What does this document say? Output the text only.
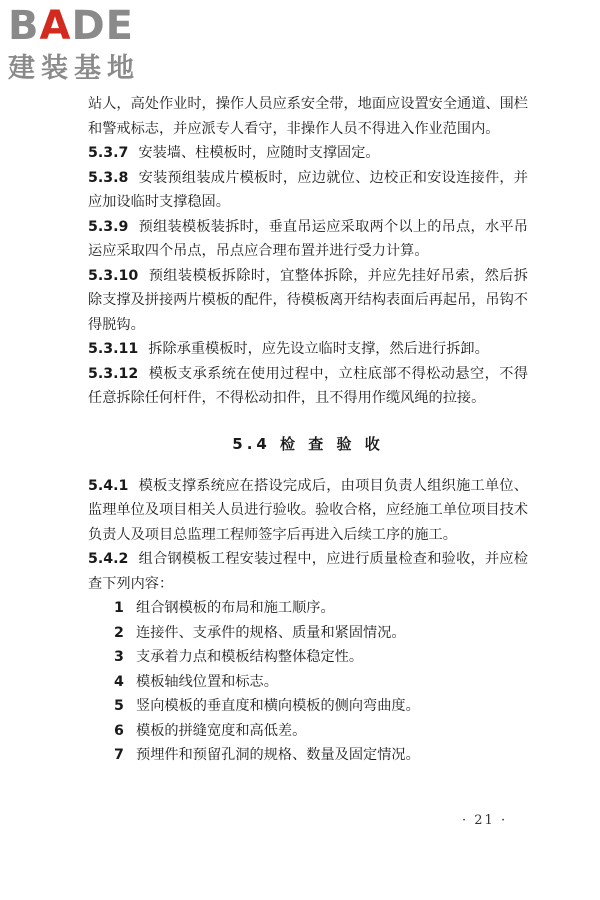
B A DE
建装基地

站人，高处作业时，操作人员应系安全带，地面应设置安全通道、围栏和警戒标志，并应派专人看守，非操作人员不得进入作业范围内。

5.3.7 安装墙、柱模板时，应随时支撑固定。

5.3.8 安装预组装成片模板时，应边就位、边校正和安设连接件，并应加设临时支撑稳固。

5.3.9 预组装模板装拆时，垂直吊运应采取两个以上的吊点，水平吊运应采取四个吊点，吊点应合理布置并进行受力计算。

5.3.10 预组装模板拆除时，宜整体拆除，并应先挂好吊索，然后拆除支撑及拼接两片模板的配件，待模板离开结构表面后再起吊，吊钩不得脱钩。

5.3.11 拆除承重模板时，应先设立临时支撑，然后进行拆卸。

5.3.12 模板支承系统在使用过程中，立柱底部不得松动悬空，不得任意拆除任何杆件，不得松动扣件，且不得用作缆风绳的拉接。

5.4 检 查 验 收

5.4.1 模板支撑系统应在搭设完成后，由项目负责人组织施工单位、监理单位及项目相关人员进行验收。验收合格，应经施工单位项目技术负责人及项目总监理工程师签字后再进入后续工序的施工。

5.4.2 组合钢模板工程安装过程中，应进行质量检查和验收，并应检查下列内容：

1 组合钢模板的布局和施工顺序。
2 连接件、支承件的规格、质量和紧固情况。
3 支承着力点和模板结构整体稳定性。
4 模板轴线位置和标志。
5 竖向模板的垂直度和横向模板的侧向弯曲度。
6 模板的拼缝宽度和高低差。
7 预埋件和预留孔洞的规格、数量及固定情况。
· 21 ·
